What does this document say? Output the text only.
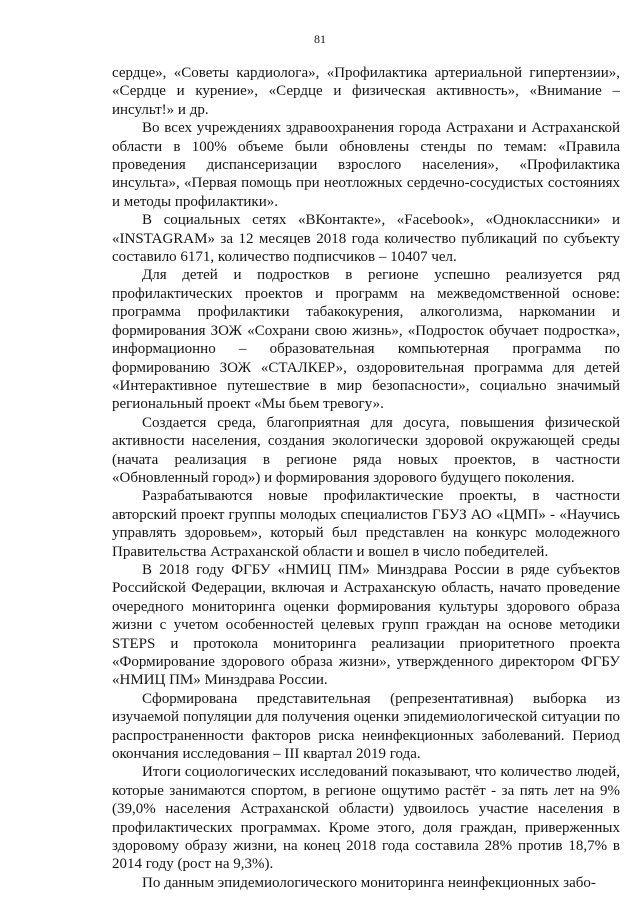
81

сердце», «Советы кардиолога», «Профилактика артериальной гипертензии», «Сердце и курение», «Сердце и физическая активность», «Внимание – инсульт!» и др.

Во всех учреждениях здравоохранения города Астрахани и Астраханской области в 100% объеме были обновлены стенды по темам: «Правила проведения диспансеризации взрослого населения», «Профилактика инсульта», «Первая помощь при неотложных сердечно-сосудистых состояниях и методы профилактики».

В социальных сетях «ВКонтакте», «Facebook», «Одноклассники» и «INSTAGRAM» за 12 месяцев 2018 года количество публикаций по субъекту составило 6171, количество подписчиков – 10407 чел.

Для детей и подростков в регионе успешно реализуется ряд профилактических проектов и программ на межведомственной основе: программа профилактики табакокурения, алкоголизма, наркомании и формирования ЗОЖ «Сохрани свою жизнь», «Подросток обучает подростка», информационно – образовательная компьютерная программа по формированию ЗОЖ «СТАЛКЕР», оздоровительная программа для детей «Интерактивное путешествие в мир безопасности», социально значимый региональный проект «Мы бьем тревогу».

Создается среда, благоприятная для досуга, повышения физической активности населения, создания экологически здоровой окружающей среды (начата реализация в регионе ряда новых проектов, в частности «Обновленный город») и формирования здорового будущего поколения.

Разрабатываются новые профилактические проекты, в частности авторский проект группы молодых специалистов ГБУЗ АО «ЦМП» - «Научись управлять здоровьем», который был представлен на конкурс молодежного Правительства Астраханской области и вошел в число победителей.

В 2018 году ФГБУ «НМИЦ ПМ» Минздрава России в ряде субъектов Российской Федерации, включая и Астраханскую область, начато проведение очередного мониторинга оценки формирования культуры здорового образа жизни с учетом особенностей целевых групп граждан на основе методики STEPS и протокола мониторинга реализации приоритетного проекта «Формирование здорового образа жизни», утвержденного директором ФГБУ «НМИЦ ПМ» Минздрава России.

Сформирована представительная (репрезентативная) выборка из изучаемой популяции для получения оценки эпидемиологической ситуации по распространенности факторов риска неинфекционных заболеваний. Период окончания исследования – III квартал 2019 года.

Итоги социологических исследований показывают, что количество людей, которые занимаются спортом, в регионе ощутимо растёт - за пять лет на 9% (39,0% населения Астраханской области) удвоилось участие населения в профилактических программах. Кроме этого, доля граждан, приверженных здоровому образу жизни, на конец 2018 года составила 28% против 18,7% в 2014 году (рост на 9,3%).

По данным эпидемиологического мониторинга неинфекционных забо-
